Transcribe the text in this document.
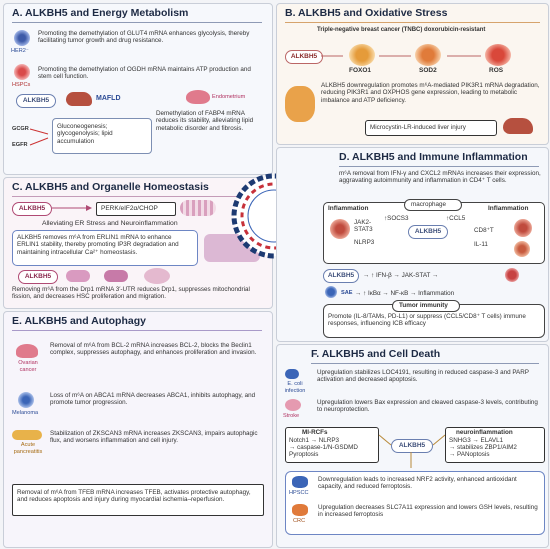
A. ALKBH5 and Energy Metabolism
HER2⁻
Promoting the demethylation of GLUT4 mRNA enhances glycolysis, thereby facilitating tumor growth and drug resistance.
HSPCs
Promoting the demethylation of OGDH mRNA maintains ATP production and stem cell function.
ALKBH5	MAFLD	Endometrium
Demethylation of FABP4 mRNA reduces its stability, alleviating lipid metabolic disorder and fibrosis.
GCGR
EGFR
Gluconeogenesis; glycogenolysis; lipid accumulation
B. ALKBH5 and Oxidative Stress
Triple-negative breast cancer (TNBC) doxorubicin-resistant
ALKBH5
FOXO1	SOD2	ROS
ALKBH5 downregulation promotes m⁶A-mediated PIK3R1 mRNA degradation, reducing PIK3R1 and OXPHOS gene expression, leading to metabolic imbalance and ATP deficiency.
Microcystin-LR-induced liver injury
C. ALKBH5 and Organelle Homeostasis
ALKBH5	PERK/eIF2α/CHOP
Alleviating ER Stress and Neuroinflammation
ALKBH5 removes m⁶A from ERLIN1 mRNA to enhance ERLIN1 stability, thereby promoting IP3R degradation and maintaining intracellular Ca²⁺ homeostasis.
ALKBH5
Removing m⁶A from the Drp1 mRNA 3′-UTR reduces Drp1, suppresses mitochondrial fission, and decreases HSC proliferation and migration.
D. ALKBH5 and Immune Inflammation
m⁶A removal from IFN-γ and CXCL2 mRNAs increases their expression, aggravating autoimmunity and inflammation in CD4⁺ T cells.
Inflammation
macrophage
Inflammation
JAK2-
STAT3
↑SOCS3	↑CCL5
ALKBH5	CD8⁺T
NLRP3	IL-11
ALKBH5	→ ↑ IFN-β → JAK-STAT →
SAE → ↑ IκBα → NF-κB → Inflammation
Tumor immunity
Promote (IL-8/TAMs, PD-L1) or suppress (CCL5/CD8⁺ T cells) immune responses, influencing ICB efficacy
E. ALKBH5 and Autophagy
Ovarian cancer
Removal of m⁶A from BCL-2 mRNA increases BCL-2, blocks the Beclin1 complex, suppresses autophagy, and enhances proliferation and invasion.
Melanoma
Loss of m⁶A on ABCA1 mRNA decreases ABCA1, inhibits autophagy, and promote tumor progression.
Acute pancreatitis
Stabilization of ZKSCAN3 mRNA increases ZKSCAN3, impairs autophagic flux, and worsens inflammation and cell injury.
Removal of m⁶A from TFEB mRNA increases TFEB, activates protective autophagy, and reduces apoptosis and injury during myocardial ischemia–reperfusion.
F. ALKBH5 and Cell Death
E. coli infection
Upregulation stabilizes LOC4191, resulting in reduced caspase-3 and PARP activation and decreased apoptosis.
Stroke
Upregulation lowers Bax expression and cleaved caspase-3 levels, contributing to neuroprotection.
MI-RCFs
Notch1 → NLRP3
→ caspase-1/N-GSDMD
Pyroptosis
ALKBH5
neuroinflammation
SNHG3 → ELAVL1
→ stabilizes ZBP1/AIM2
→ PANoptosis
HPSCC
Downregulation leads to increased NRF2 activity, enhanced antioxidant capacity, and reduced ferroptosis.
CRC
Upregulation decreases SLC7A11 expression and lowers GSH levels, resulting in increased ferroptosis
